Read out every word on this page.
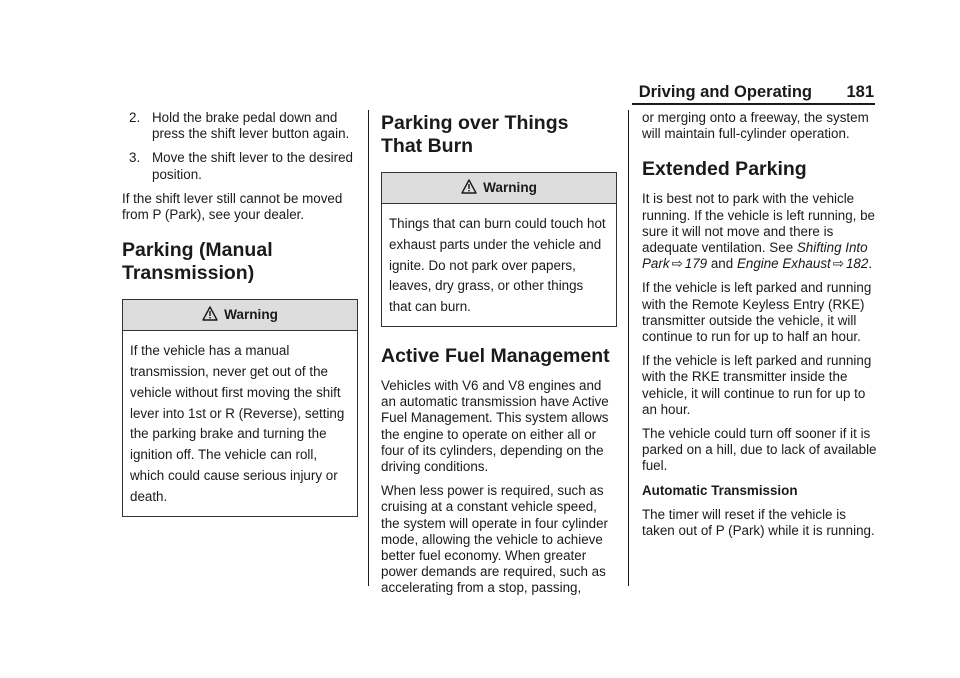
Driving and Operating 181
2. Hold the brake pedal down and press the shift lever button again.
3. Move the shift lever to the desired position.

If the shift lever still cannot be moved from P (Park), see your dealer.

Parking (Manual
Transmission)
Warning
If the vehicle has a manual transmission, never get out of the vehicle without first moving the shift lever into 1st or R (Reverse), setting the parking brake and turning the ignition off. The vehicle can roll, which could cause serious injury or death.
Parking over Things
That Burn
Warning
Things that can burn could touch hot exhaust parts under the vehicle and ignite. Do not park over papers, leaves, dry grass, or other things that can burn.
Active Fuel Management

Vehicles with V6 and V8 engines and an automatic transmission have Active Fuel Management. This system allows the engine to operate on either all or four of its cylinders, depending on the driving conditions.

When less power is required, such as cruising at a constant vehicle speed, the system will operate in four cylinder mode, allowing the vehicle to achieve better fuel economy. When greater power demands are required, such as accelerating from a stop, passing,

or merging onto a freeway, the system will maintain full-cylinder operation.

Extended Parking

It is best not to park with the vehicle running. If the vehicle is left running, be sure it will not move and there is adequate ventilation. See Shifting Into Park ⇨ 179 and Engine Exhaust ⇨ 182.

If the vehicle is left parked and running with the Remote Keyless Entry (RKE) transmitter outside the vehicle, it will continue to run for up to half an hour.

If the vehicle is left parked and running with the RKE transmitter inside the vehicle, it will continue to run for up to an hour.

The vehicle could turn off sooner if it is parked on a hill, due to lack of available fuel.

Automatic Transmission

The timer will reset if the vehicle is taken out of P (Park) while it is running.
